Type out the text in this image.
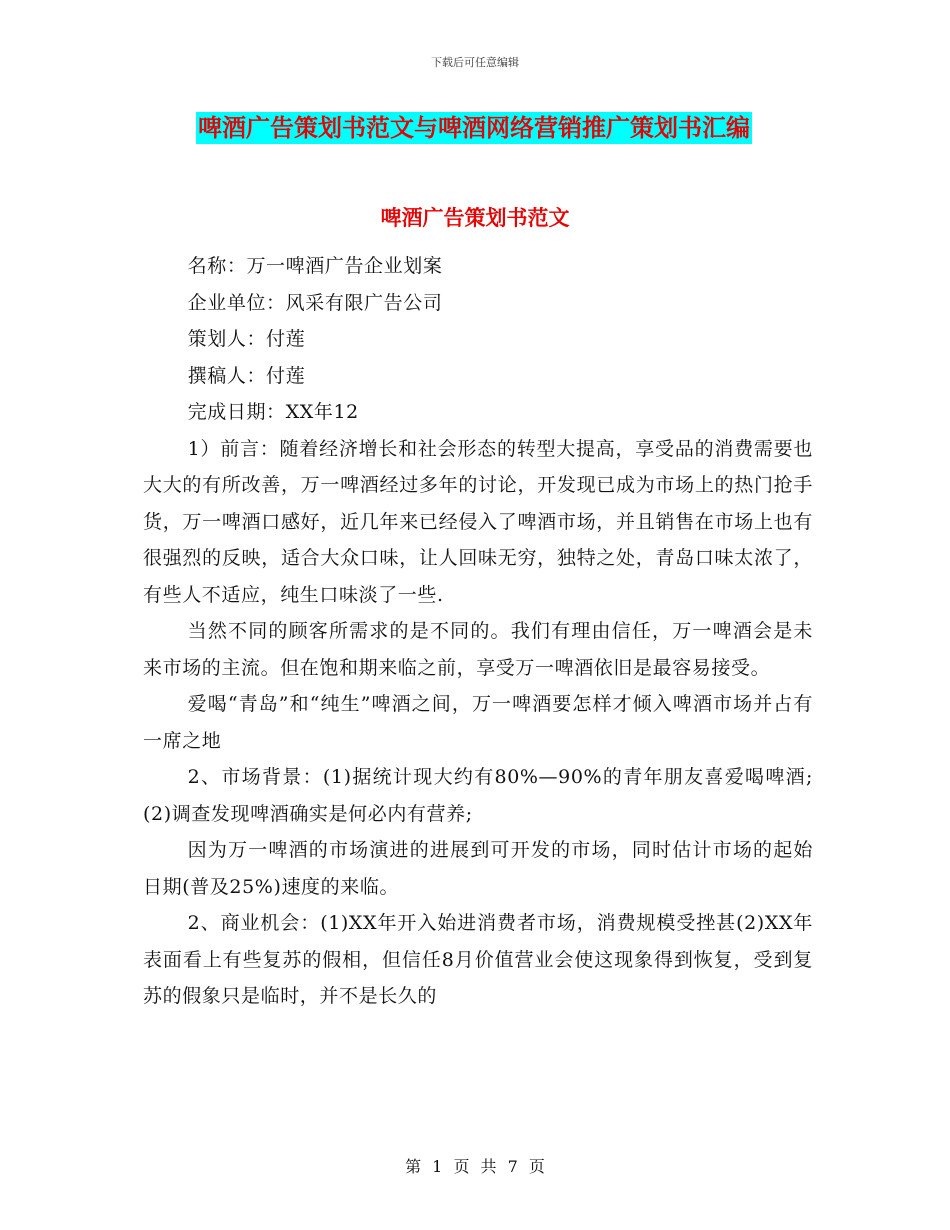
下载后可任意编辑
啤酒广告策划书范文与啤酒网络营销推广策划书汇编
啤酒广告策划书范文

名称：万一啤酒广告企业划案

企业单位：风采有限广告公司

策划人：付莲

撰稿人：付莲

完成日期：XX年12

1）前言：随着经济增长和社会形态的转型大提高，享受品的消费需要也大大的有所改善，万一啤酒经过多年的讨论，开发现已成为市场上的热门抢手货，万一啤酒口感好，近几年来已经侵入了啤酒市场，并且销售在市场上也有很强烈的反映，适合大众口味，让人回味无穷，独特之处，青岛口味太浓了，有些人不适应，纯生口味淡了一些.

当然不同的顾客所需求的是不同的。我们有理由信任，万一啤酒会是未来市场的主流。但在饱和期来临之前，享受万一啤酒依旧是最容易接受。

爱喝“青岛”和“纯生”啤酒之间，万一啤酒要怎样才倾入啤酒市场并占有一席之地

2、市场背景：(1)据统计现大约有80%—90%的青年朋友喜爱喝啤酒;(2)调查发现啤酒确实是何必内有营养;

因为万一啤酒的市场演进的进展到可开发的市场，同时估计市场的起始日期(普及25%)速度的来临。

2、商业机会：(1)XX年开入始进消费者市场，消费规模受挫甚(2)XX年表面看上有些复苏的假相，但信任8月价值营业会使这现象得到恢复，受到复苏的假象只是临时，并不是长久的

第 1 页 共 7 页
